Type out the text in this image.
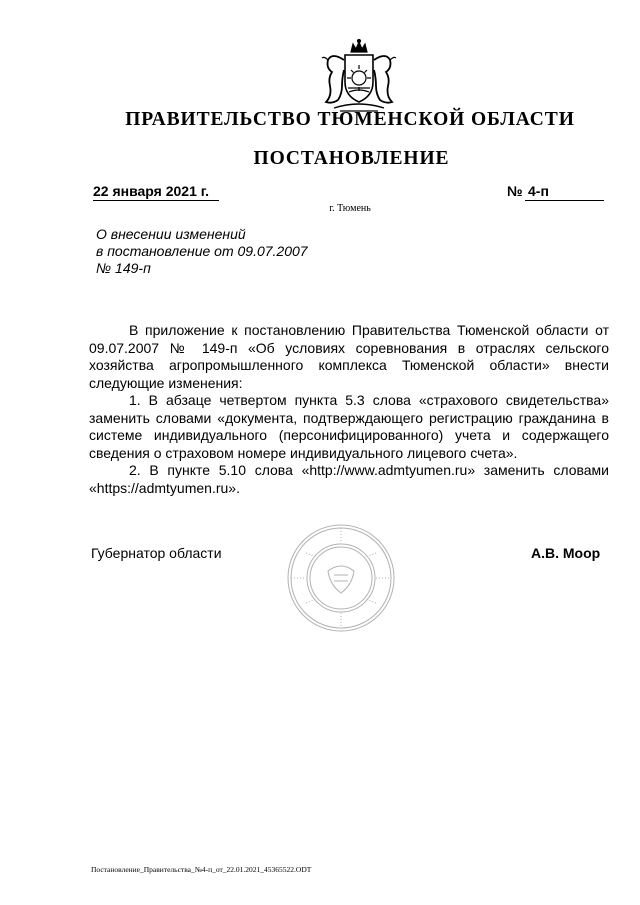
ПРАВИТЕЛЬСТВО ТЮМЕНСКОЙ ОБЛАСТИ
ПОСТАНОВЛЕНИЕ
22 января 2021 г.	№ 4-п
г. Тюмень
О внесении изменений
в постановление от 09.07.2007
№ 149-п

В приложение к постановлению Правительства Тюменской области от 09.07.2007 № 149-п «Об условиях соревнования в отраслях сельского хозяйства агропромышленного комплекса Тюменской области» внести следующие изменения:

1. В абзаце четвертом пункта 5.3 слова «страхового свидетельства» заменить словами «документа, подтверждающего регистрацию гражданина в системе индивидуального (персонифицированного) учета и содержащего сведения о страховом номере индивидуального лицевого счета».

2. В пункте 5.10 слова «http://www.admtyumen.ru» заменить словами «https://admtyumen.ru».

Губернатор области	А.В. Моор
Постановление_Правительства_№4-п_от_22.01.2021_45365522.ODT
